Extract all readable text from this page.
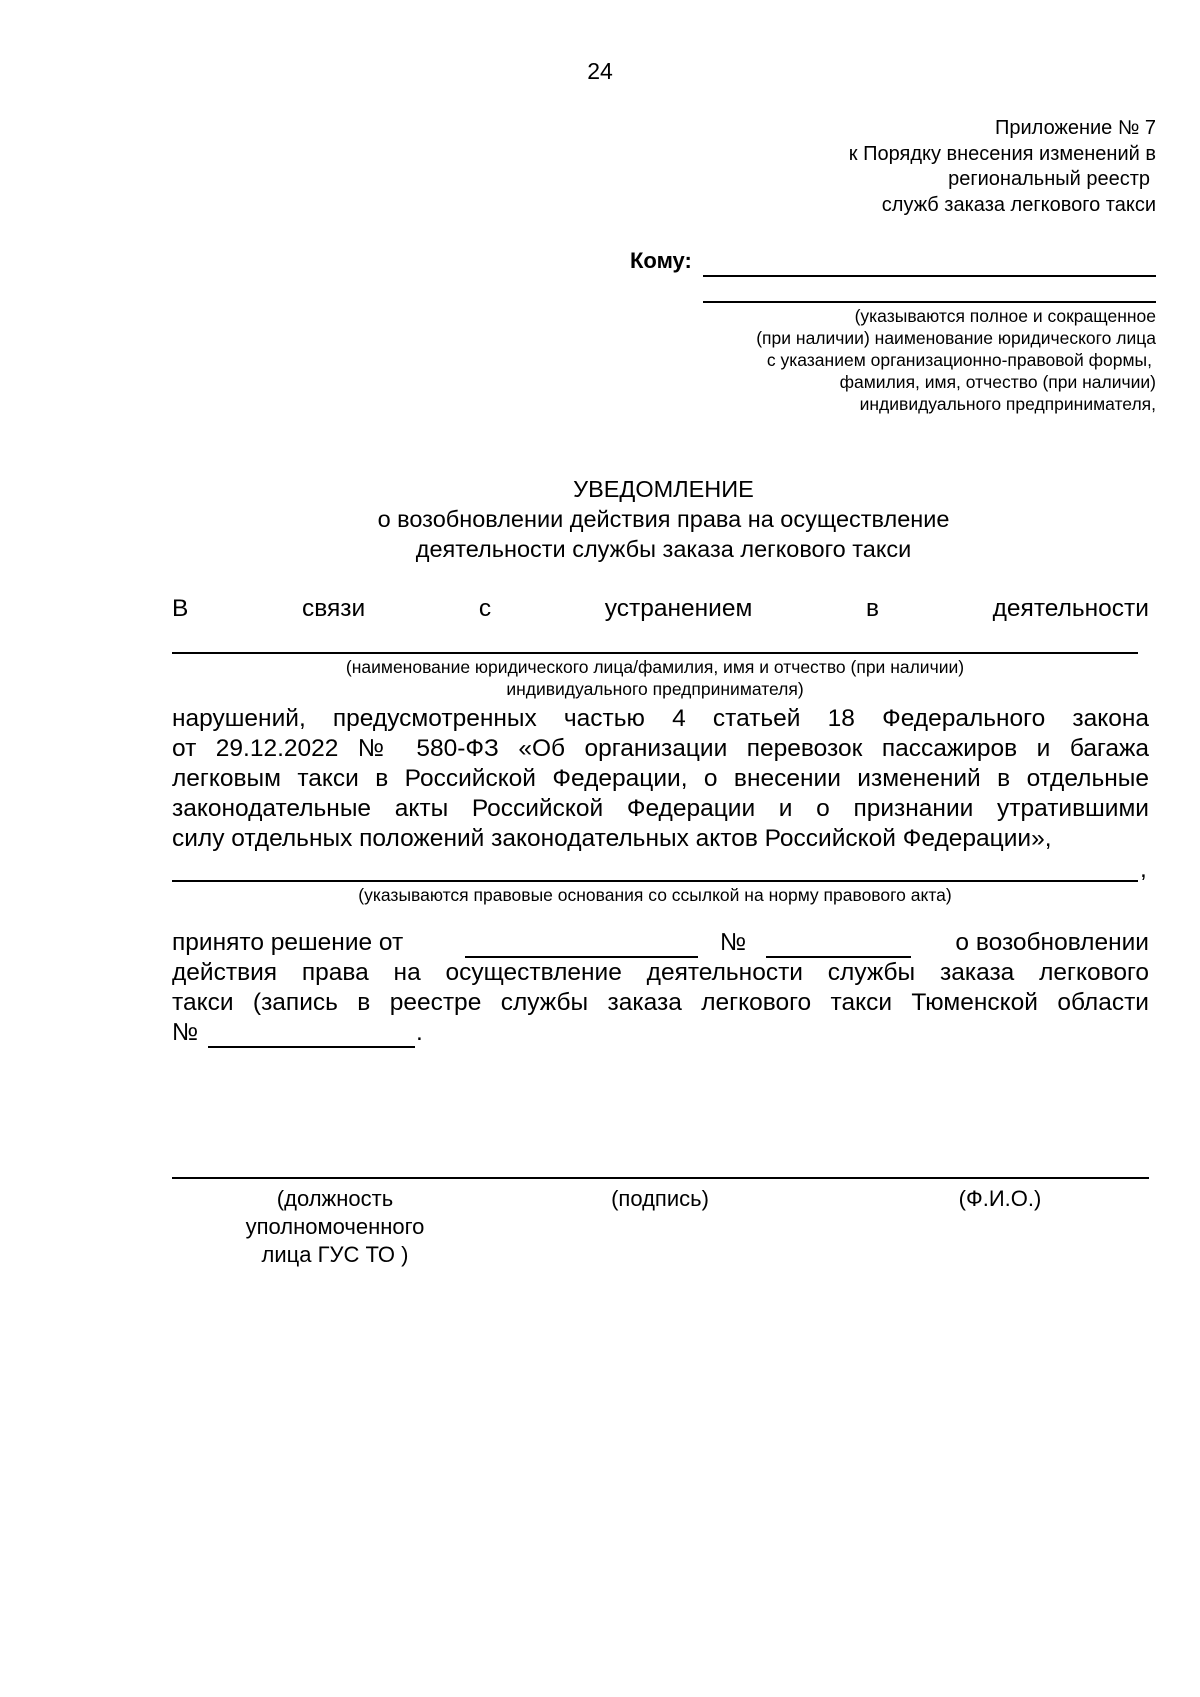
24
Приложение № 7
к Порядку внесения изменений в
региональный реестр
служб заказа легкового такси
Кому:
(указываются полное и сокращенное
(при наличии) наименование юридического лица
с указанием организационно-правовой формы,
фамилия, имя, отчество (при наличии)
индивидуального предпринимателя,
УВЕДОМЛЕНИЕ
о возобновлении действия права на осуществление
деятельности службы заказа легкового такси
В	связи	с	устранением	в	деятельности
(наименование юридического лица/фамилия, имя и отчество (при наличии)
индивидуального предпринимателя)
нарушений, предусмотренных частью 4 статьей 18 Федерального закона
от 29.12.2022 № 580-ФЗ «Об организации перевозок пассажиров и багажа
легковым такси в Российской Федерации, о внесении изменений в отдельные
законодательные акты Российской Федерации и о признании утратившими
силу отдельных положений законодательных актов Российской Федерации»,
,
(указываются правовые основания со ссылкой на норму правового акта)
принято решение от	№	о возобновлении
действия права на осуществление деятельности службы заказа легкового
такси (запись в реестре службы заказа легкового такси Тюменской области
№	.
(должность
уполномоченного
лица ГУС ТО )
(подпись)	(Ф.И.О.)
